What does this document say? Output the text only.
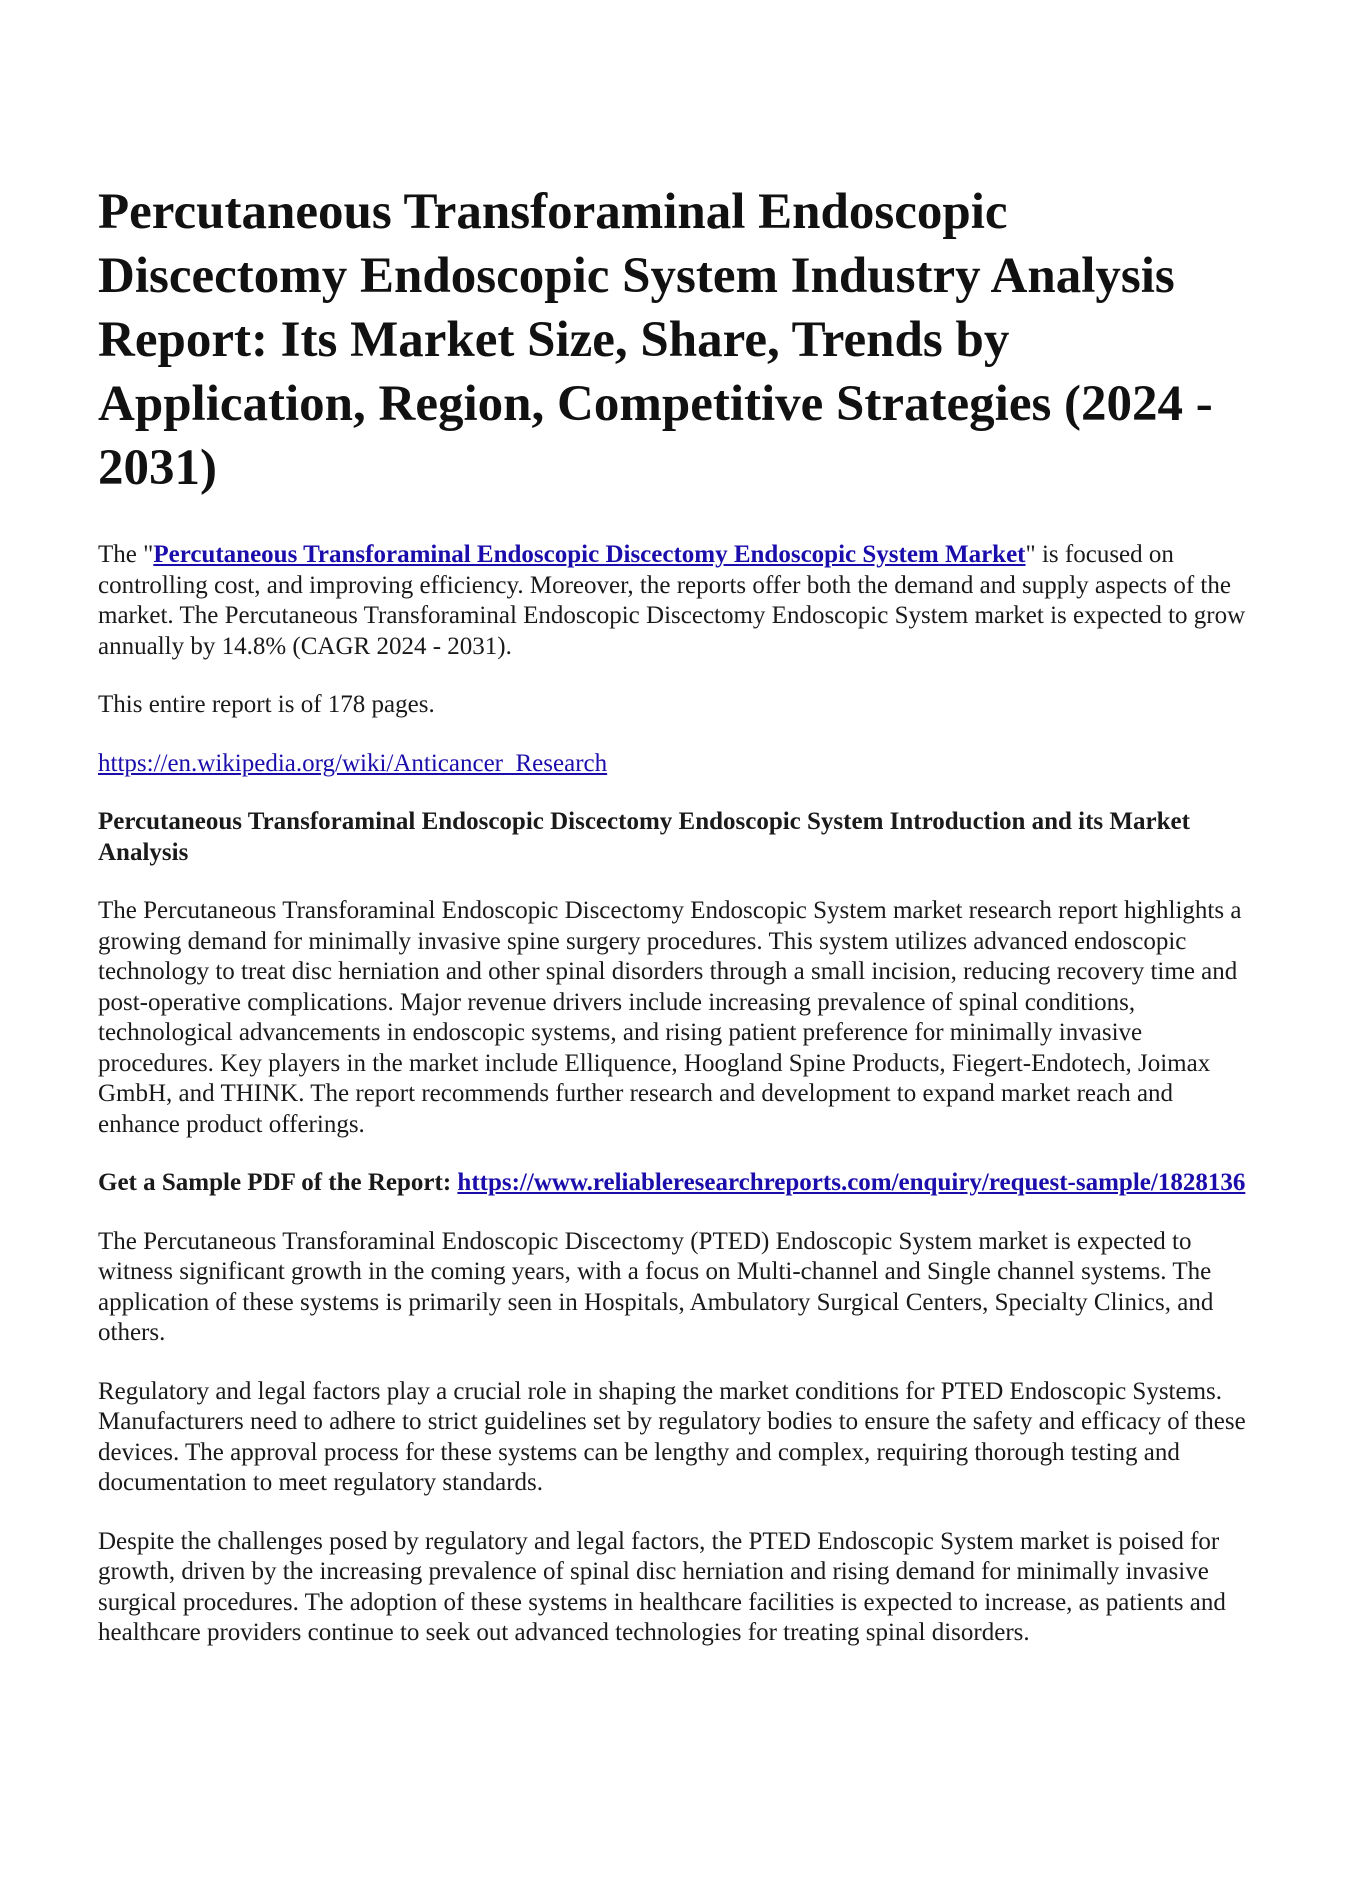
Percutaneous Transforaminal Endoscopic Discectomy Endoscopic System Industry Analysis Report: Its Market Size, Share, Trends by Application, Region, Competitive Strategies (2024 - 2031)

The "Percutaneous Transforaminal Endoscopic Discectomy Endoscopic System Market" is focused on controlling cost, and improving efficiency. Moreover, the reports offer both the demand and supply aspects of the market. The Percutaneous Transforaminal Endoscopic Discectomy Endoscopic System market is expected to grow annually by 14.8% (CAGR 2024 - 2031).

This entire report is of 178 pages.

https://en.wikipedia.org/wiki/Anticancer_Research

Percutaneous Transforaminal Endoscopic Discectomy Endoscopic System Introduction and its Market Analysis

The Percutaneous Transforaminal Endoscopic Discectomy Endoscopic System market research report highlights a growing demand for minimally invasive spine surgery procedures. This system utilizes advanced endoscopic technology to treat disc herniation and other spinal disorders through a small incision, reducing recovery time and post-operative complications. Major revenue drivers include increasing prevalence of spinal conditions, technological advancements in endoscopic systems, and rising patient preference for minimally invasive procedures. Key players in the market include Elliquence, Hoogland Spine Products, Fiegert-Endotech, Joimax GmbH, and THINK. The report recommends further research and development to expand market reach and enhance product offerings.

Get a Sample PDF of the Report: https://www.reliableresearchreports.com/enquiry/request-sample/1828136

The Percutaneous Transforaminal Endoscopic Discectomy (PTED) Endoscopic System market is expected to witness significant growth in the coming years, with a focus on Multi-channel and Single channel systems. The application of these systems is primarily seen in Hospitals, Ambulatory Surgical Centers, Specialty Clinics, and others.

Regulatory and legal factors play a crucial role in shaping the market conditions for PTED Endoscopic Systems. Manufacturers need to adhere to strict guidelines set by regulatory bodies to ensure the safety and efficacy of these devices. The approval process for these systems can be lengthy and complex, requiring thorough testing and documentation to meet regulatory standards.

Despite the challenges posed by regulatory and legal factors, the PTED Endoscopic System market is poised for growth, driven by the increasing prevalence of spinal disc herniation and rising demand for minimally invasive surgical procedures. The adoption of these systems in healthcare facilities is expected to increase, as patients and healthcare providers continue to seek out advanced technologies for treating spinal disorders.
